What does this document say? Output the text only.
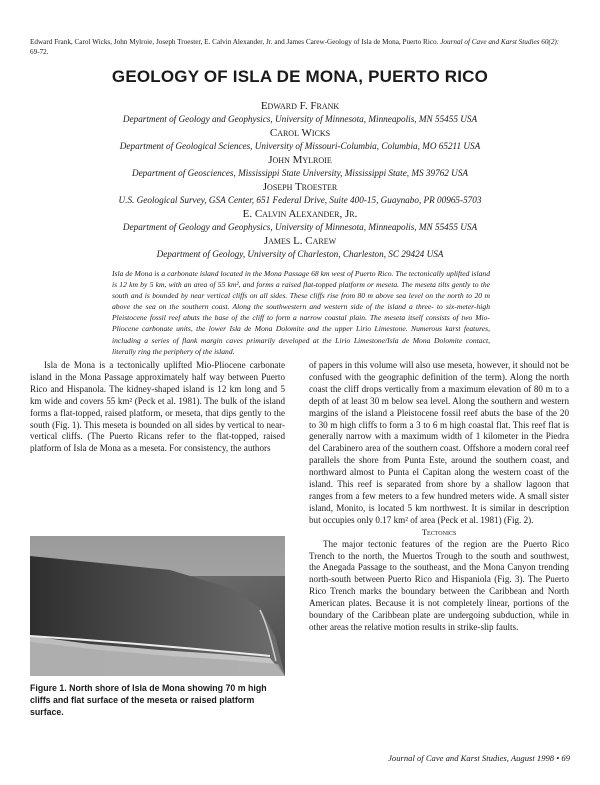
Edward Frank, Carol Wicks, John Mylroie, Joseph Troester, E. Calvin Alexander, Jr. and James Carew-Geology of Isla de Mona, Puerto Rico. Journal of Cave and Karst Studies 60(2): 69-72.
GEOLOGY OF ISLA DE MONA, PUERTO RICO
Edward F. Frank
Department of Geology and Geophysics, University of Minnesota, Minneapolis, MN 55455 USA
Carol Wicks
Department of Geological Sciences, University of Missouri-Columbia, Columbia, MO 65211 USA
John Mylroie
Department of Geosciences, Mississippi State University, Mississippi State, MS 39762 USA
Joseph Troester
U.S. Geological Survey, GSA Center, 651 Federal Drive, Suite 400-15, Guaynabo, PR 00965-5703
E. Calvin Alexander, Jr.
Department of Geology and Geophysics, University of Minnesota, Minneapolis, MN 55455 USA
James L. Carew
Department of Geology, University of Charleston, Charleston, SC 29424 USA
Isla de Mona is a carbonate island located in the Mona Passage 68 km west of Puerto Rico. The tectonically uplifted island is 12 km by 5 km, with an area of 55 km², and forms a raised flat-topped platform or meseta. The meseta tilts gently to the south and is bounded by near vertical cliffs on all sides. These cliffs rise from 80 m above sea level on the north to 20 m above the sea on the southern coast. Along the southwestern and western side of the island a three- to six-meter-high Pleistocene fossil reef abuts the base of the cliff to form a narrow coastal plain. The meseta itself consists of two Mio-Pliocene carbonate units, the lower Isla de Mona Dolomite and the upper Lirio Limestone. Numerous karst features, including a series of flank margin caves primarily developed at the Lirio Limestone/Isla de Mona Dolomite contact, literally ring the periphery of the island.

Isla de Mona is a tectonically uplifted Mio-Pliocene carbonate island in the Mona Passage approximately half way between Puerto Rico and Hispanola. The kidney-shaped island is 12 km long and 5 km wide and covers 55 km² (Peck et al. 1981). The bulk of the island forms a flat-topped, raised platform, or meseta, that dips gently to the south (Fig. 1). This meseta is bounded on all sides by vertical to near-vertical cliffs. (The Puerto Ricans refer to the flat-topped, raised platform of Isla de Mona as a meseta. For consistency, the authors

Figure 1. North shore of Isla de Mona showing 70 m high cliffs and flat surface of the meseta or raised platform surface.

of papers in this volume will also use meseta, however, it should not be confused with the geographic definition of the term). Along the north coast the cliff drops vertically from a maximum elevation of 80 m to a depth of at least 30 m below sea level. Along the southern and western margins of the island a Pleistocene fossil reef abuts the base of the 20 to 30 m high cliffs to form a 3 to 6 m high coastal flat. This reef flat is generally narrow with a maximum width of 1 kilometer in the Piedra del Carabinero area of the southern coast. Offshore a modern coral reef parallels the shore from Punta Este, around the southern coast, and northward almost to Punta el Capitan along the western coast of the island. This reef is separated from shore by a shallow lagoon that ranges from a few meters to a few hundred meters wide. A small sister island, Monito, is located 5 km northwest. It is similar in description but occupies only 0.17 km² of area (Peck et al. 1981) (Fig. 2).

Tectonics

The major tectonic features of the region are the Puerto Rico Trench to the north, the Muertos Trough to the south and southwest, the Anegada Passage to the southeast, and the Mona Canyon trending north-south between Puerto Rico and Hispaniola (Fig. 3). The Puerto Rico Trench marks the boundary between the Caribbean and North American plates. Because it is not completely linear, portions of the boundary of the Caribbean plate are undergoing subduction, while in other areas the relative motion results in strike-slip faults.

Journal of Cave and Karst Studies, August 1998 • 69
